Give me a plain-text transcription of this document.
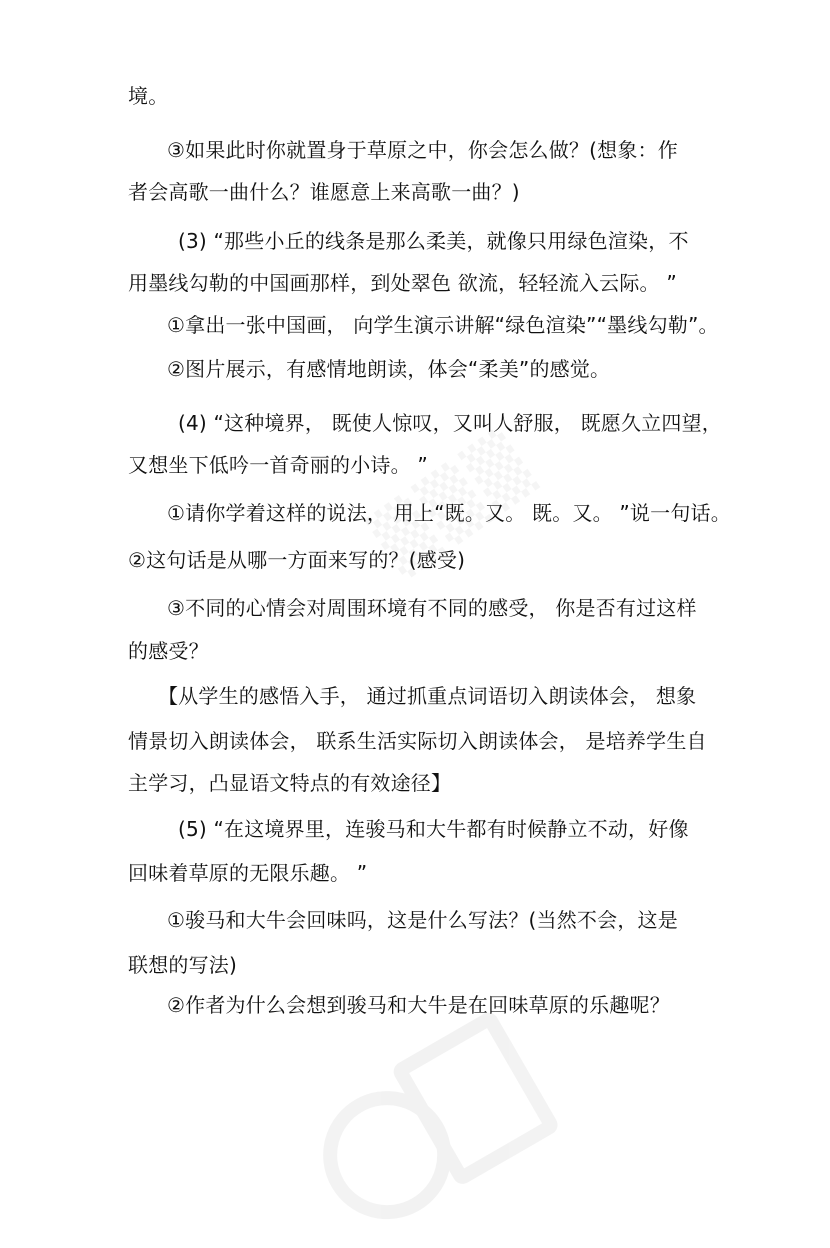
境。
③如果此时你就置身于草原之中，你会怎么做？(想象：作
者会高歌一曲什么？谁愿意上来高歌一曲？)
(3) “那些小丘的线条是那么柔美，就像只用绿色渲染，不
用墨线勾勒的中国画那样，到处翠色 欲流，轻轻流入云际。 ”
①拿出一张中国画， 向学生演示讲解“绿色渲染”“墨线勾勒”。
②图片展示，有感情地朗读，体会“柔美”的感觉。
(4) “这种境界， 既使人惊叹，又叫人舒服， 既愿久立四望，
又想坐下低吟一首奇丽的小诗。 ”
①请你学着这样的说法， 用上“既。又。 既。又。 ”说一句话。
②这句话是从哪一方面来写的？(感受)
③不同的心情会对周围环境有不同的感受， 你是否有过这样
的感受？
【从学生的感悟入手， 通过抓重点词语切入朗读体会， 想象
情景切入朗读体会， 联系生活实际切入朗读体会， 是培养学生自
主学习，凸显语文特点的有效途径】
(5) “在这境界里，连骏马和大牛都有时候静立不动，好像
回味着草原的无限乐趣。 ”
①骏马和大牛会回味吗，这是什么写法？(当然不会，这是
联想的写法)
②作者为什么会想到骏马和大牛是在回味草原的乐趣呢？
